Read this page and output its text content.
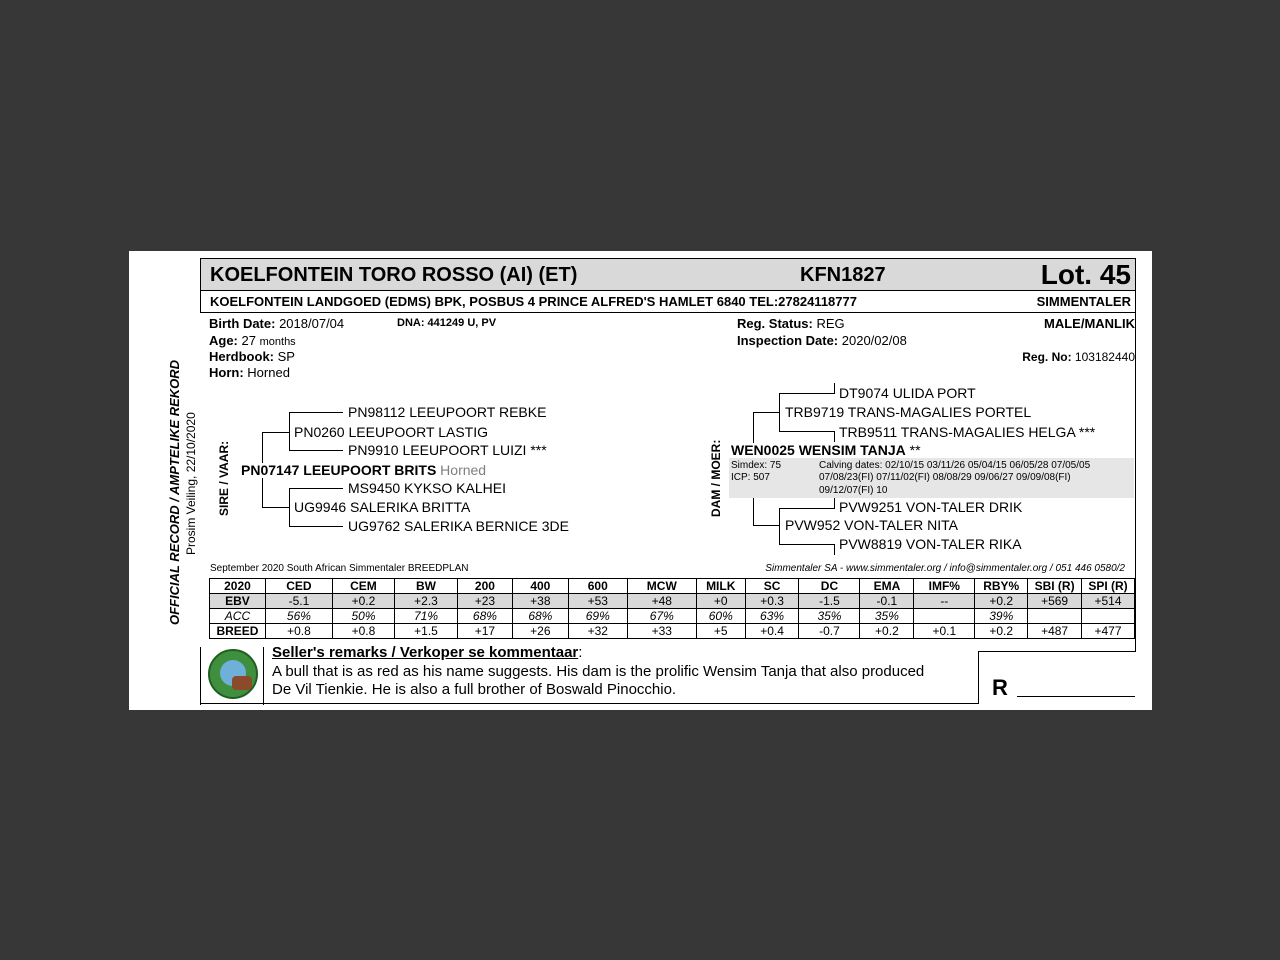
OFFICIAL RECORD / AMPTELIKE REKORD Prosim Veiling, 22/10/2020
KOELFONTEIN TORO ROSSO (AI) (ET)	KFN1827	Lot. 45
KOELFONTEIN LANDGOED (EDMS) BPK, POSBUS 4 PRINCE ALFRED'S HAMLET 6840 TEL:27824118777	SIMMENTALER
Birth Date: 2018/07/04	DNA: 441249 U, PV
Age: 27 months
Herdbook: SP
Horn: Horned
Reg. Status: REG
Inspection Date: 2020/02/08
MALE/MANLIK
Reg. No: 103182440
SIRE / VAAR:
PN98112 LEEUPOORT REBKE
PN9910 LEEUPOORT LUIZI ***
PN0260 LEEUPOORT LASTIG
PN07147 LEEUPOORT BRITS Horned
UG9946 SALERIKA BRITTA
MS9450 KYKSO KALHEI
UG9762 SALERIKA BERNICE 3DE
DAM / MOER:
DT9074 ULIDA PORT
TRB9511 TRANS-MAGALIES HELGA ***
TRB9719 TRANS-MAGALIES PORTEL
WEN0025 WENSIM TANJA **
Simdex: 75
ICP: 507
Calving dates: 02/10/15 03/11/26 05/04/15 06/05/28 07/05/05
07/08/23(FI) 07/11/02(FI) 08/08/29 09/06/27 09/09/08(FI)
09/12/07(FI) 10
PVW952 VON-TALER NITA
PVW9251 VON-TALER DRIK
PVW8819 VON-TALER RIKA
September 2020 South African Simmentaler BREEDPLAN	Simmentaler SA - www.simmentaler.org / info@simmentaler.org / 051 446 0580/2
2020	CED	CEM	BW	200	400	600	MCW	MILK	SC	DC	EMA	IMF%	RBY%	SBI (R)	SPI (R)
EBV	-5.1	+0.2	+2.3	+23	+38	+53	+48	+0	+0.3	-1.5	-0.1	--	+0.2	+569	+514
ACC	56%	50%	71%	68%	68%	69%	67%	60%	63%	35%	35%		39%		
BREED	+0.8	+0.8	+1.5	+17	+26	+32	+33	+5	+0.4	-0.7	+0.2	+0.1	+0.2	+487	+477
Seller's remarks / Verkoper se kommentaar:
A bull that is as red as his name suggests. His dam is the prolific Wensim Tanja that also produced
De Vil Tienkie. He is also a full brother of Boswald Pinocchio.	R
